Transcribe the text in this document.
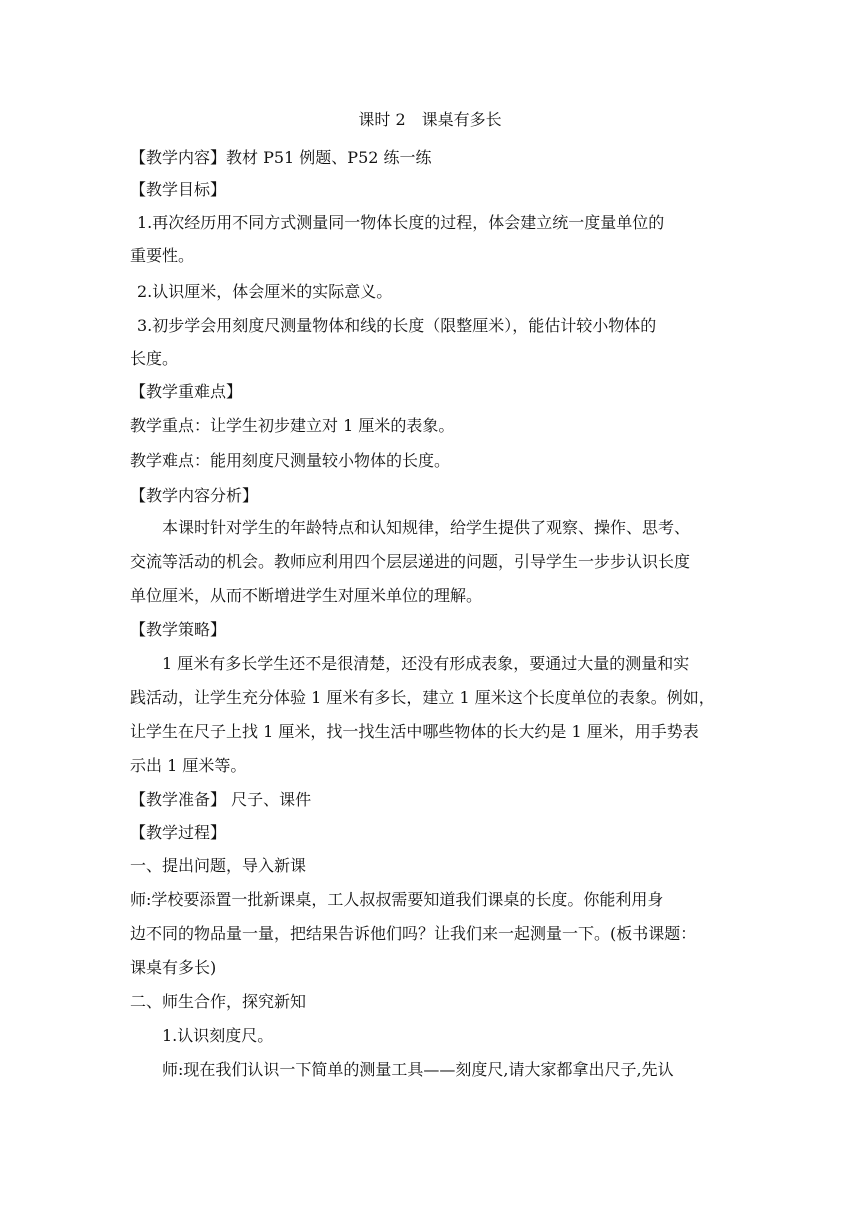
课时 2　课桌有多长
【教学内容】教材 P51 例题、P52 练一练
【教学目标】
1.再次经历用不同方式测量同一物体长度的过程，体会建立统一度量单位的
重要性。
2.认识厘米，体会厘米的实际意义。
3.初步学会用刻度尺测量物体和线的长度（限整厘米），能估计较小物体的
长度。
【教学重难点】
教学重点：让学生初步建立对 1 厘米的表象。
教学难点：能用刻度尺测量较小物体的长度。
【教学内容分析】
本课时针对学生的年龄特点和认知规律，给学生提供了观察、操作、思考、
交流等活动的机会。教师应利用四个层层递进的问题，引导学生一步步认识长度
单位厘米，从而不断增进学生对厘米单位的理解。
【教学策略】
1 厘米有多长学生还不是很清楚，还没有形成表象，要通过大量的测量和实
践活动，让学生充分体验 1 厘米有多长，建立 1 厘米这个长度单位的表象。例如，
让学生在尺子上找 1 厘米，找一找生活中哪些物体的长大约是 1 厘米，用手势表
示出 1 厘米等。
【教学准备】 尺子、课件
【教学过程】
一、提出问题，导入新课
师:学校要添置一批新课桌，工人叔叔需要知道我们课桌的长度。你能利用身
边不同的物品量一量，把结果告诉他们吗？让我们来一起测量一下。(板书课题：
课桌有多长)
二、师生合作，探究新知
1.认识刻度尺。
师:现在我们认识一下简单的测量工具——刻度尺,请大家都拿出尺子,先认
